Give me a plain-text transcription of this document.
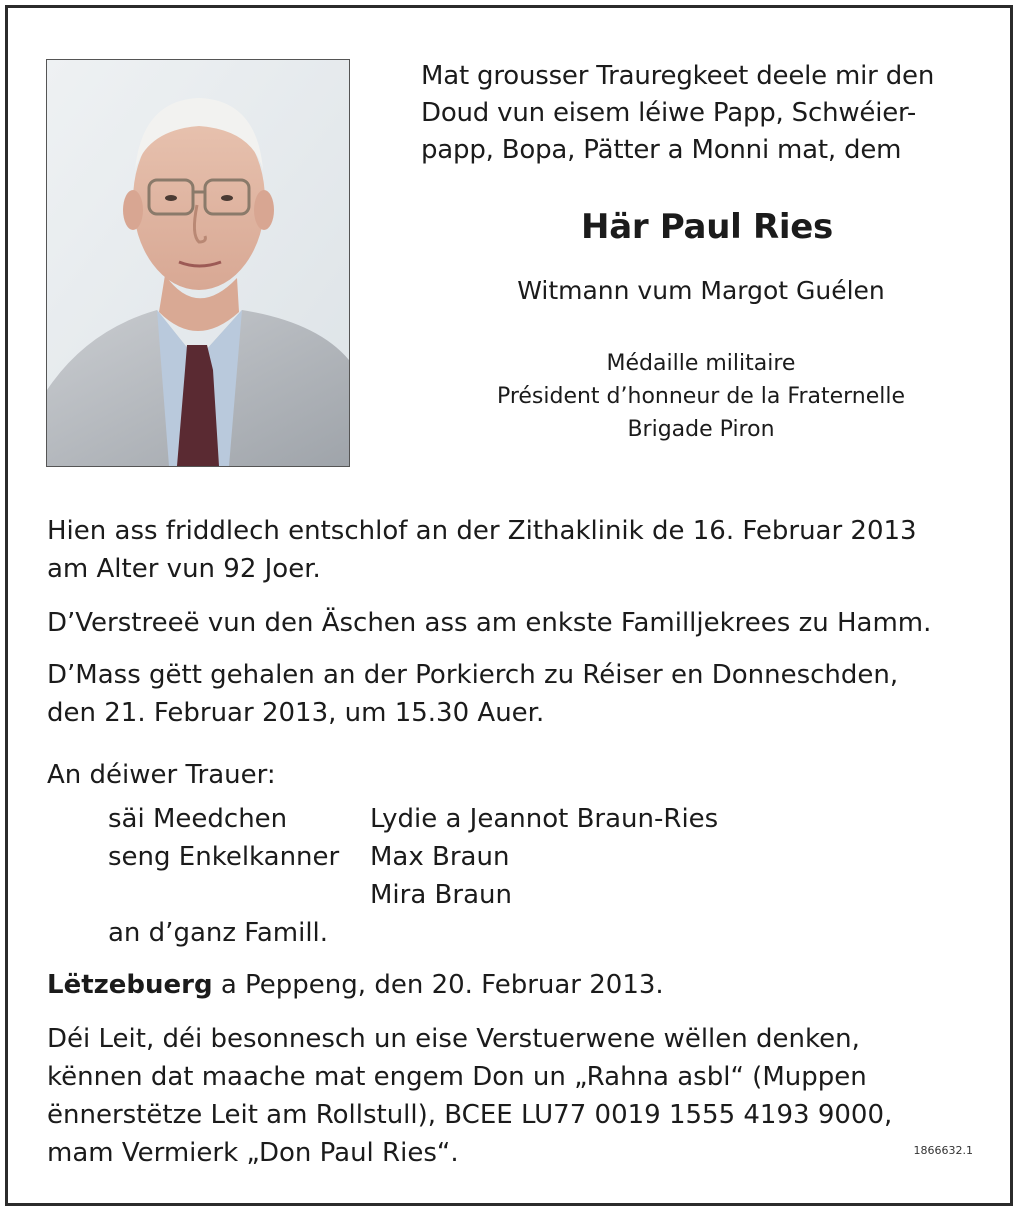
Mat grousser Trauregkeet deele mir den
Doud vun eisem léiwe Papp, Schwéier-
papp, Bopa, Pätter a Monni mat, dem
Här Paul Ries
Witmann vum Margot Guélen
Médaille militaire
Président d’honneur de la Fraternelle
Brigade Piron
Hien ass friddlech entschlof an der Zithaklinik de 16. Februar 2013
am Alter vun 92 Joer.
D’Verstreeë vun den Äschen ass am enkste Familljekrees zu Hamm.
D’Mass gëtt gehalen an der Porkierch zu Réiser en Donneschden,
den 21. Februar 2013, um 15.30 Auer.
An déiwer Trauer:
säi Meedchen	Lydie a Jeannot Braun-Ries
seng Enkelkanner	Max Braun
Mira Braun
an d’ganz Famill.
Lëtzebuerg a Peppeng, den 20. Februar 2013.
Déi Leit, déi besonnesch un eise Verstuerwene wëllen denken,
kënnen dat maache mat engem Don un „Rahna asbl“ (Muppen
ënnerstëtze Leit am Rollstull), BCEE LU77 0019 1555 4193 9000,
mam Vermierk „Don Paul Ries“.	1866632.1
